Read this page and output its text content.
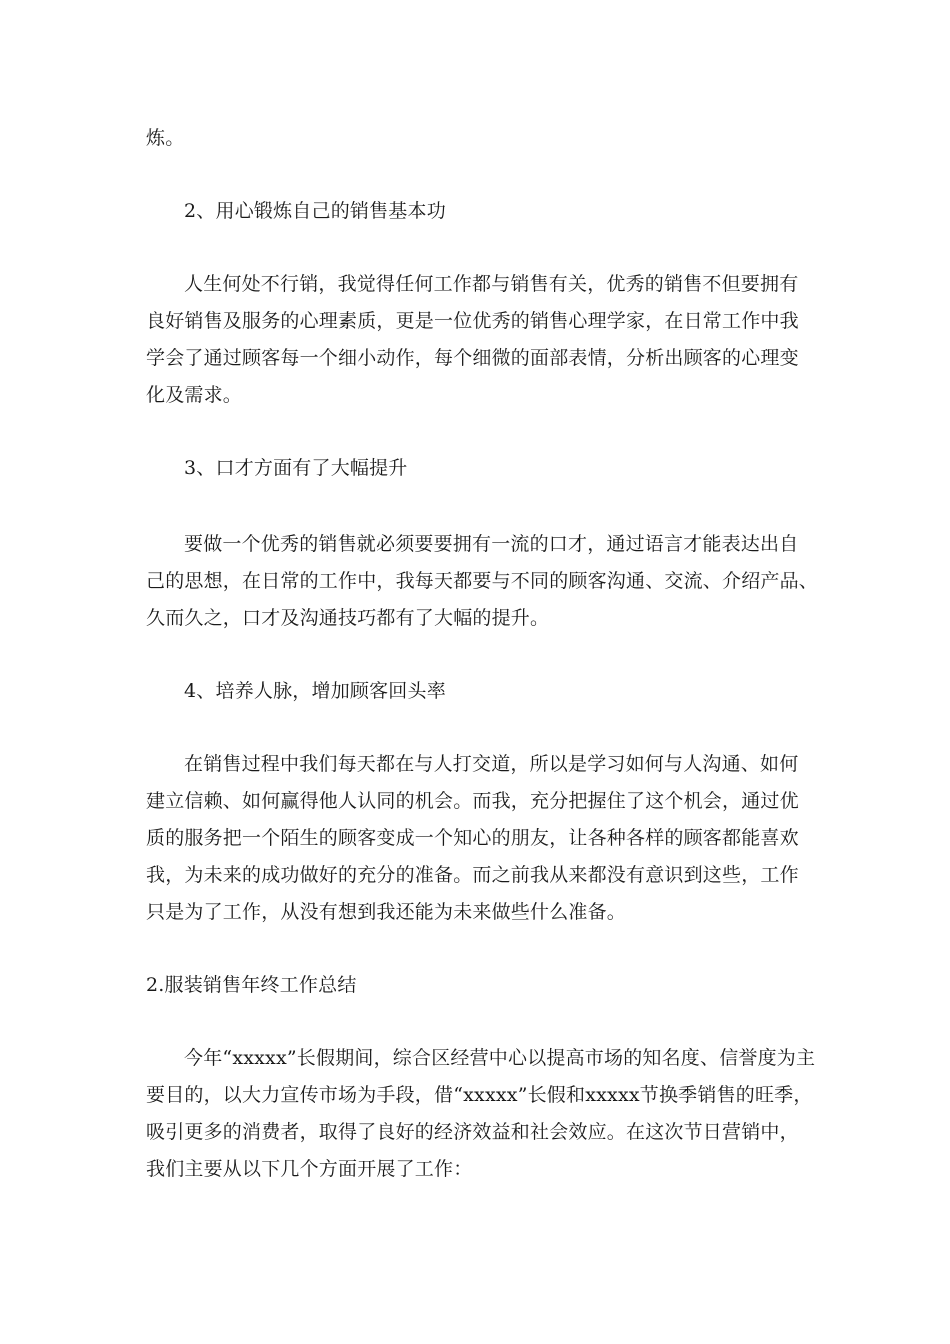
炼。
2、用心锻炼自己的销售基本功
人生何处不行销，我觉得任何工作都与销售有关，优秀的销售不但要拥有
良好销售及服务的心理素质，更是一位优秀的销售心理学家，在日常工作中我
学会了通过顾客每一个细小动作，每个细微的面部表情，分析出顾客的心理变
化及需求。
3、口才方面有了大幅提升
要做一个优秀的销售就必须要要拥有一流的口才，通过语言才能表达出自
己的思想，在日常的工作中，我每天都要与不同的顾客沟通、交流、介绍产品、
久而久之，口才及沟通技巧都有了大幅的提升。
4、培养人脉，增加顾客回头率
在销售过程中我们每天都在与人打交道，所以是学习如何与人沟通、如何
建立信赖、如何赢得他人认同的机会。而我，充分把握住了这个机会，通过优
质的服务把一个陌生的顾客变成一个知心的朋友，让各种各样的顾客都能喜欢
我，为未来的成功做好的充分的准备。而之前我从来都没有意识到这些，工作
只是为了工作，从没有想到我还能为未来做些什么准备。
2.服装销售年终工作总结
今年“xxxxx”长假期间，综合区经营中心以提高市场的知名度、信誉度为主
要目的，以大力宣传市场为手段，借“xxxxx”长假和xxxxx节换季销售的旺季，
吸引更多的消费者，取得了良好的经济效益和社会效应。在这次节日营销中，
我们主要从以下几个方面开展了工作：
